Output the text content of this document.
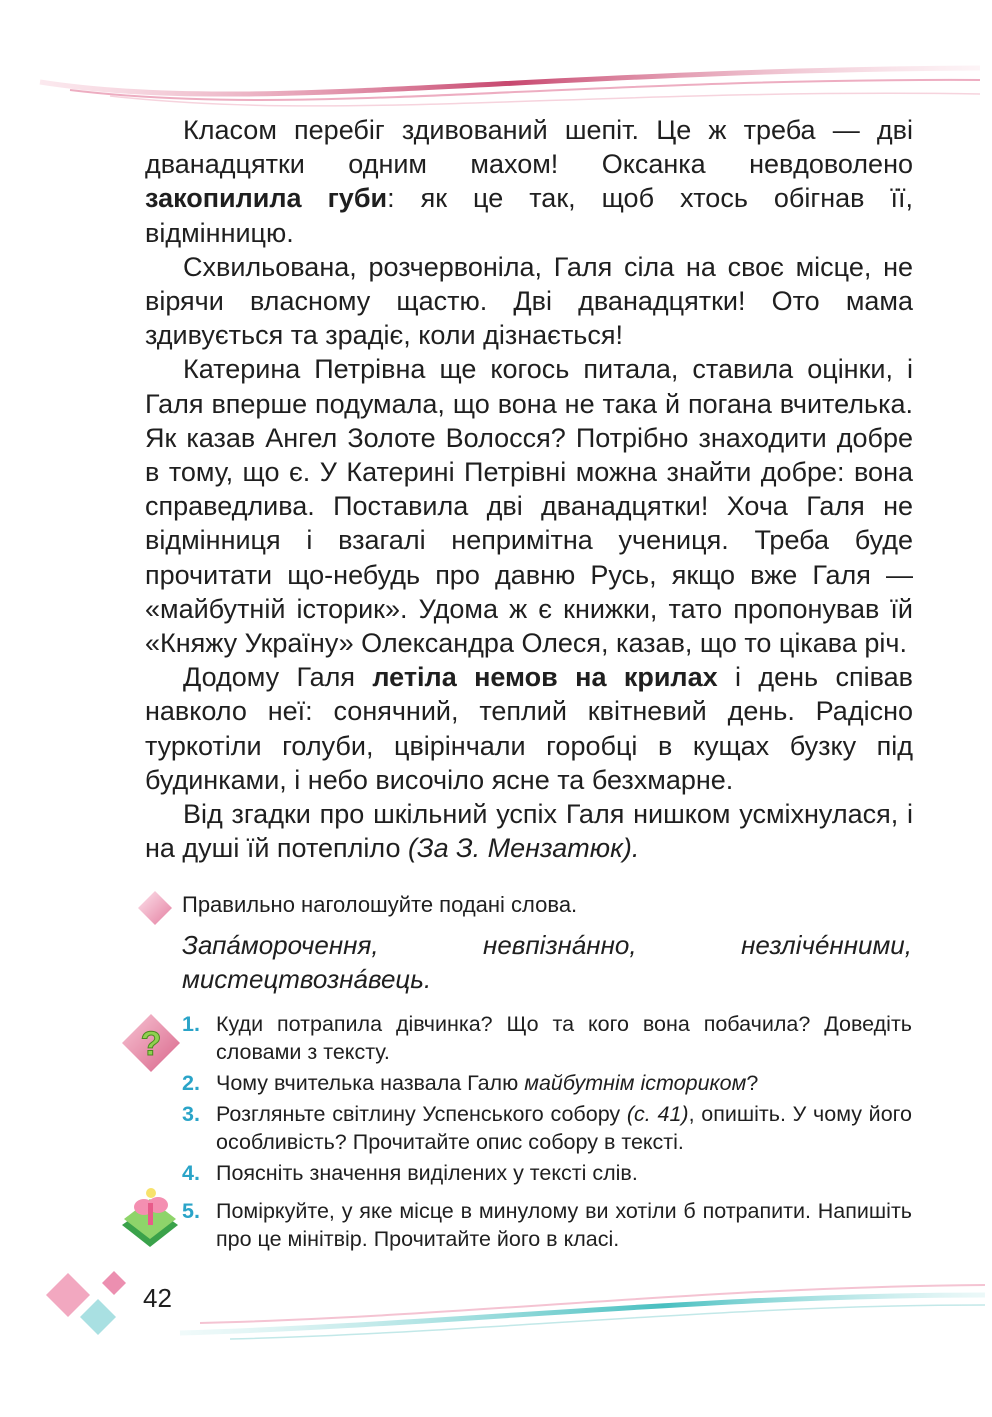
Класом перебіг здивований шепіт. Це ж треба — дві дванадцятки одним махом! Оксанка невдоволено закопилила губи: як це так, щоб хтось обігнав її, відмінницю.

Схвильована, розчервоніла, Галя сіла на своє місце, не вірячи власному щастю. Дві дванадцятки! Ото мама здивується та зрадіє, коли дізнається!

Катерина Петрівна ще когось питала, ставила оцінки, і Галя вперше подумала, що вона не така й погана вчителька. Як казав Ангел Золоте Волосся? Потрібно знаходити добре в тому, що є. У Катерині Петрівні можна знайти добре: вона справедлива. Поставила дві дванадцятки! Хоча Галя не відмінниця і взагалі непримітна учениця. Треба буде прочитати що-небудь про давню Русь, якщо вже Галя — «майбутній історик». Удома ж є книжки, тато пропонував їй «Княжу Україну» Олександра Олеся, казав, що то цікава річ.

Додому Галя летіла немов на крилах і день співав навколо неї: сонячний, теплий квітневий день. Радісно туркотіли голуби, цвірінчали горобці в кущах бузку під будинками, і небо височіло ясне та безхмарне.

Від згадки про шкільний успіх Галя нишком усміхнулася, і на душі їй потепліло (За З. Мензатюк).

Правильно наголошуйте подані слова.

Запáморочення, невпізнáнно, незлічéнними, мистецтвознáвець.

?
1. Куди потрапила дівчинка? Що та кого вона побачила? Доведіть словами з тексту.
2. Чому вчителька назвала Галю майбутнім істориком?
3. Розгляньте світлину Успенського собору (с. 41), опишіть. У чому його особливість? Прочитайте опис собору в тексті.
4. Поясніть значення виділених у тексті слів.
5. Поміркуйте, у яке місце в минулому ви хотіли б потрапити. Напишіть про це мінітвір. Прочитайте його в класі.
42
